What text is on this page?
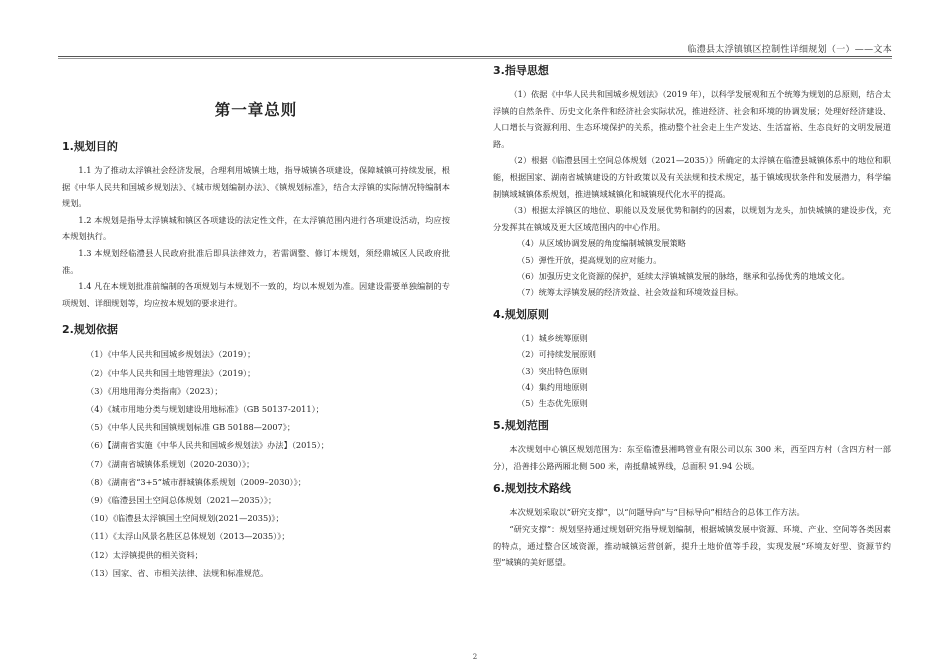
临澧县太浮镇镇区控制性详细规划（一）——文本
第一章总则
1.规划目的

1.1 为了推动太浮镇社会经济发展，合理利用城镇土地，指导城镇各项建设，保障城镇可持续发展，根据《中华人民共和国城乡规划法》、《城市规划编制办法》、《镇规划标准》，结合太浮镇的实际情况特编制本规划。

1.2 本规划是指导太浮镇城和镇区各项建设的法定性文件，在太浮镇范围内进行各项建设活动，均应按本规划执行。

1.3 本规划经临澧县人民政府批准后即具法律效力，若需调整、修订本规划，须经鼎城区人民政府批准。

1.4 凡在本规划批准前编制的各项规划与本规划不一致的，均以本规划为准。因建设需要单独编制的专项规划、详细规划等，均应按本规划的要求进行。

2.规划依据
（1）《中华人民共和国城乡规划法》（2019）；
（2）《中华人民共和国土地管理法》（2019）；
（3）《用地用海分类指南》（2023）；
（4）《城市用地分类与规划建设用地标准》（GB 50137-2011）；
（5）《中华人民共和国镇规划标准 GB 50188—2007》；
（6）【湖南省实施《中华人民共和国城乡规划法》办法】（2015）；
（7）《湖南省城镇体系规划（2020-2030）》；
（8）《湖南省“3+5”城市群城镇体系规划（2009–2030）》；
（9）《临澧县国土空间总体规划（2021—2035）》；
（10）《临澧县太浮镇国土空间规划(2021—2035)》；
（11）《太浮山风景名胜区总体规划（2013—2035）》；
（12）太浮镇提供的相关资料；
（13）国家、省、市相关法律、法规和标准规范。
3.指导思想

（1）依据《中华人民共和国城乡规划法》（2019 年），以科学发展观和五个统筹为规划的总原则，结合太浮镇的自然条件、历史文化条件和经济社会实际状况，推进经济、社会和环境的协调发展；处理好经济建设、人口增长与资源利用、生态环境保护的关系，推动整个社会走上生产发达、生活富裕、生态良好的文明发展道路。

（2）根据《临澧县国土空间总体规划（2021—2035）》所确定的太浮镇在临澧县城镇体系中的地位和职能，根据国家、湖南省城镇建设的方针政策以及有关法规和技术规定，基于镇域现状条件和发展潜力，科学编制镇域城镇体系规划，推进镇域城镇化和城镇现代化水平的提高。

（3）根据太浮镇区的地位、职能以及发展优势和制约的因素，以规划为龙头，加快城镇的建设步伐，充分发挥其在镇域及更大区域范围内的中心作用。

（4）从区域协调发展的角度编制城镇发展策略
（5）弹性开放，提高规划的应对能力。
（6）加强历史文化资源的保护，延续太浮镇城镇发展的脉络，继承和弘扬优秀的地域文化。
（7）统筹太浮镇发展的经济效益、社会效益和环境效益目标。
4.规划原则
（1）城乡统筹原则
（2）可持续发展原则
（3）突出特色原则
（4）集约用地原则
（5）生态优先原则
5.规划范围

本次规划中心镇区规划范围为：东至临澧县湘鸣管业有限公司以东 300 米，西至四方村（含四方村一部分），沿善排公路两厢北侧 500 米，南抵鼎城界线，总面积 91.94 公顷。

6.规划技术路线

本次规划采取以“研究支撑”，以“问题导向”与“目标导向”相结合的总体工作方法。

“研究支撑”：规划坚持通过规划研究指导规划编制，根据城镇发展中资源、环境、产业、空间等各类因素的特点，通过整合区域资源，推动城镇运营创新，提升土地价值等手段，实现发展”环境友好型、资源节约型”城镇的美好愿望。

2
